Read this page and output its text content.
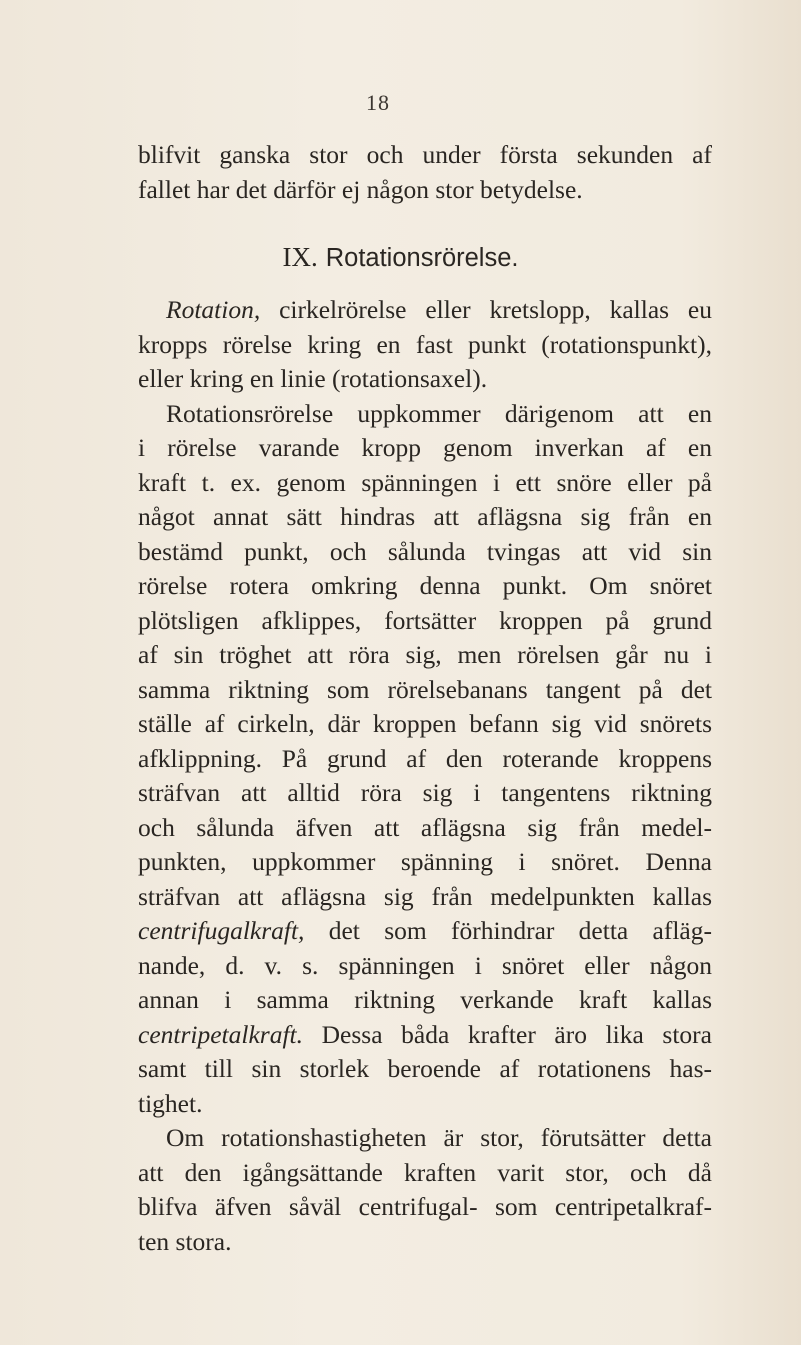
18
blifvit ganska stor och under första sekunden af
fallet har det därför ej någon stor betydelse.
IX. Rotationsrörelse.
Rotation, cirkelrörelse eller kretslopp, kallas eu
kropps rörelse kring en fast punkt (rotationspunkt),
eller kring en linie (rotationsaxel).
Rotationsrörelse uppkommer därigenom att en
i rörelse varande kropp genom inverkan af en
kraft t. ex. genom spänningen i ett snöre eller på
något annat sätt hindras att aflägsna sig från en
bestämd punkt, och sålunda tvingas att vid sin
rörelse rotera omkring denna punkt. Om snöret
plötsligen afklippes, fortsätter kroppen på grund
af sin tröghet att röra sig, men rörelsen går nu i
samma riktning som rörelsebanans tangent på det
ställe af cirkeln, där kroppen befann sig vid snörets
afklippning. På grund af den roterande kroppens
sträfvan att alltid röra sig i tangentens riktning
och sålunda äfven att aflägsna sig från medel-
punkten, uppkommer spänning i snöret. Denna
sträfvan att aflägsna sig från medelpunkten kallas
centrifugalkraft, det som förhindrar detta afläg-
nande, d. v. s. spänningen i snöret eller någon
annan i samma riktning verkande kraft kallas
centripetalkraft. Dessa båda krafter äro lika stora
samt till sin storlek beroende af rotationens has-
tighet.
Om rotationshastigheten är stor, förutsätter detta
att den igångsättande kraften varit stor, och då
blifva äfven såväl centrifugal- som centripetalkraf-
ten stora.
